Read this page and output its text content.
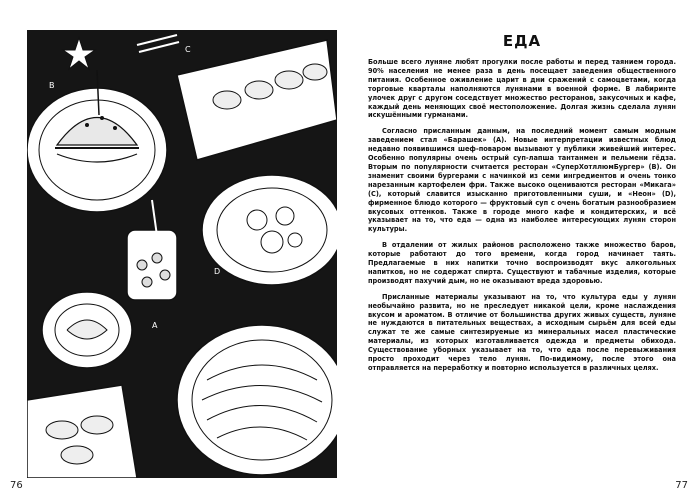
B
C
D
A
76	77
ЕДА

Больше всего луняне любят прогулки после работы и перед таянием города. 90% населения не менее раза в день посещает заведения общественного питания. Особенное оживление царит в дни сражений с самоцветами, когда торговые кварталы наполняются лунянами в военной форме. В лабиринте улочек друг с другом соседствует множество ресторанов, закусочных и кафе, каждый день меняющих своё местоположение. Долгая жизнь сделала лунян искушёнными гурманами.

Согласно присланным данным, на последний момент самым модным заведением стал «Барашек» (A). Новые интерпретации известных блюд недавно появившимся шеф-поваром вызывают у публики живейший интерес. Особенно популярны очень острый суп-лапша тантанмен и пельмени гёдза. Вторым по популярности считается ресторан «СуперХотллюмБургер» (B). Он знаменит своими бургерами с начинкой из семи ингредиентов и очень тонко нарезанным картофелем фри. Также высоко оцениваются ресторан «Микага» (C), который славится изысканно приготовленными суши, и «Неон» (D), фирменное блюдо которого — фруктовый суп с очень богатым разнообразием вкусовых оттенков. Также в городе много кафе и кондитерских, и всё указывает на то, что еда — одна из наиболее интересующих лунян сторон культуры.

В отдалении от жилых районов расположено также множество баров, которые работают до того времени, когда город начинает таять. Предлагаемые в них напитки точно воспроизводят вкус алкогольных напитков, но не содержат спирта. Существуют и табачные изделия, которые производят пахучий дым, но не оказывают вреда здоровью.

Присланные материалы указывают на то, что культура еды у лунян необычайно развита, но не преследует никакой цели, кроме наслаждения вкусом и ароматом. В отличие от большинства других живых существ, луняне не нуждаются в питательных веществах, а исходным сырьём для всей еды служат те же самые синтезируемые из минеральных масел пластические материалы, из которых изготавливается одежда и предметы обихода. Существование уборных указывает на то, что еда после перевыживания просто проходит через тело лунян. По-видимому, после этого она отправляется на переработку и повторно используется в различных целях.
